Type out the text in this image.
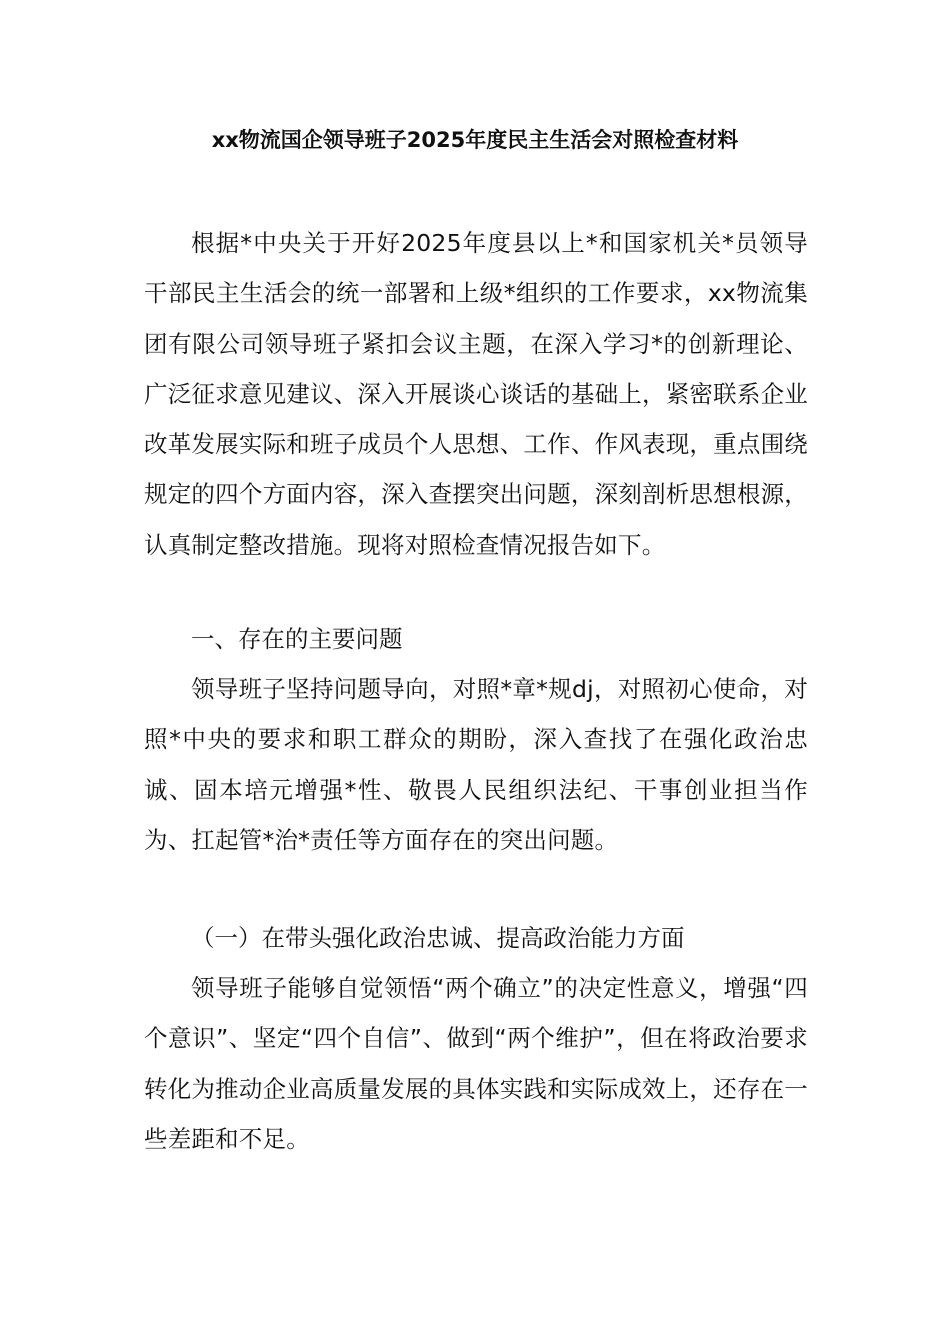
xx物流国企领导班子2025年度民主生活会对照检查材料

根据*中央关于开好2025年度县以上*和国家机关*员领导干部民主生活会的统一部署和上级*组织的工作要求，xx物流集团有限公司领导班子紧扣会议主题，在深入学习*的创新理论、广泛征求意见建议、深入开展谈心谈话的基础上，紧密联系企业改革发展实际和班子成员个人思想、工作、作风表现，重点围绕规定的四个方面内容，深入查摆突出问题，深刻剖析思想根源，认真制定整改措施。现将对照检查情况报告如下。

一、存在的主要问题

领导班子坚持问题导向，对照*章*规dj，对照初心使命，对照*中央的要求和职工群众的期盼，深入查找了在强化政治忠诚、固本培元增强*性、敬畏人民组织法纪、干事创业担当作为、扛起管*治*责任等方面存在的突出问题。

（一）在带头强化政治忠诚、提高政治能力方面

领导班子能够自觉领悟“两个确立”的决定性意义，增强“四个意识”、坚定“四个自信”、做到“两个维护”，但在将政治要求转化为推动企业高质量发展的具体实践和实际成效上，还存在一些差距和不足。
